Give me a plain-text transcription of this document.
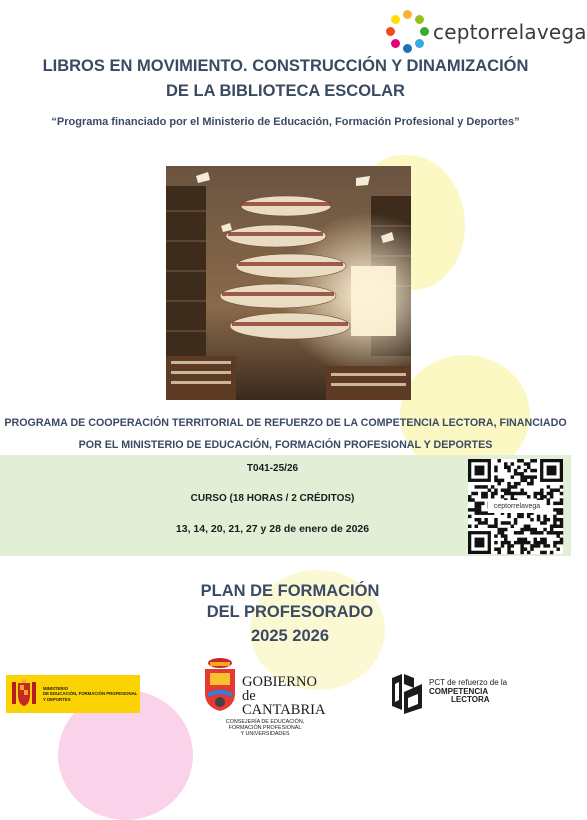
ceptorrelavega
LIBROS EN MOVIMIENTO. CONSTRUCCIÓN Y DINAMIZACIÓN
DE LA BIBLIOTECA ESCOLAR
“Programa financiado por el Ministerio de Educación, Formación Profesional y Deportes”
PROGRAMA DE COOPERACIÓN TERRITORIAL DE REFUERZO DE LA COMPETENCIA LECTORA, FINANCIADO
POR EL MINISTERIO DE EDUCACIÓN, FORMACIÓN PROFESIONAL Y DEPORTES
T041-25/26
CURSO (18 HORAS / 2 CRÉDITOS)
13, 14, 20, 21, 27 y 28 de enero de 2026
ceptorrelavega
PLAN DE FORMACIÓN
DEL PROFESORADO
2025 2026
MINISTERIO
DE EDUCACIÓN, FORMACIÓN PROFESIONAL
Y DEPORTES
GOBIERNO
de
CANTABRIA
CONSEJERÍA DE EDUCACIÓN,
FORMACIÓN PROFESIONAL
Y UNIVERSIDADES
PCT de refuerzo de la
COMPETENCIA
LECTORA
